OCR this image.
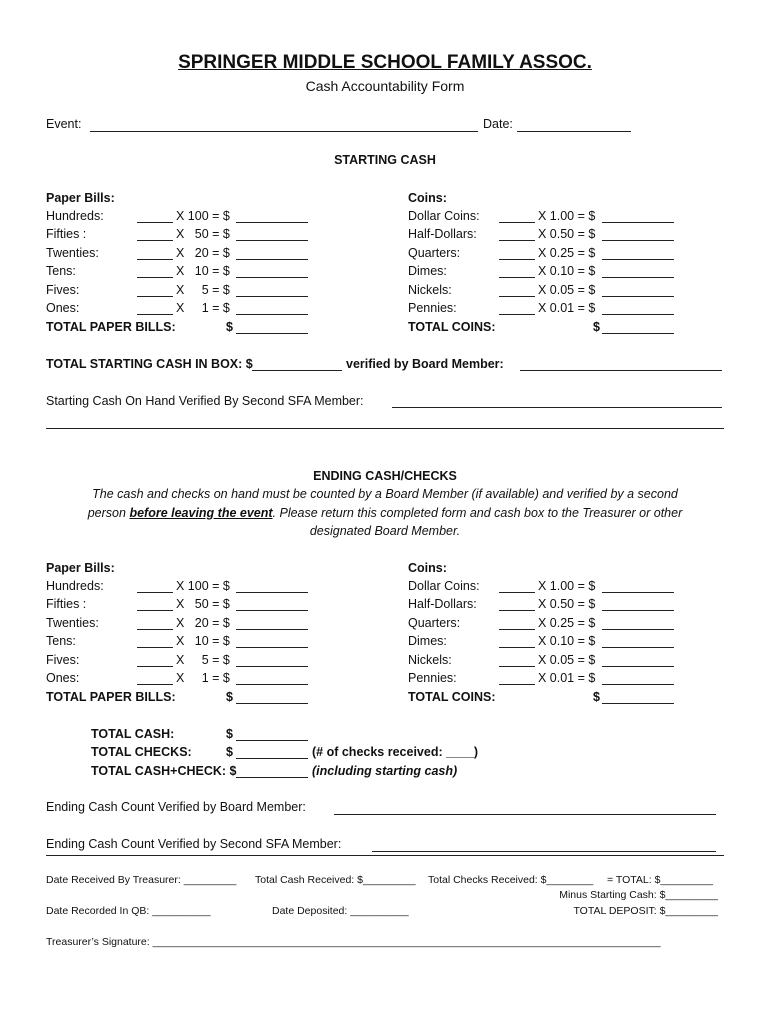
SPRINGER MIDDLE SCHOOL FAMILY ASSOC.
Cash Accountability Form
Event:	Date:
STARTING CASH
Paper Bills:	Coins:
Hundreds:	X 100 = $
Fifties :	X   50 = $
Twenties:	X   20 = $
Tens:	X   10 = $
Fives:	X     5 = $
Ones:	X     1 = $
TOTAL PAPER BILLS:	$
Dollar Coins:	X 1.00 = $
Half-Dollars:	X 0.50 = $
Quarters:	X 0.25 = $
Dimes:	X 0.10 = $
Nickels:	X 0.05 = $
Pennies:	X 0.01 = $
TOTAL COINS:	$
TOTAL STARTING CASH IN BOX: $	verified by Board Member:
Starting Cash On Hand Verified By Second SFA Member:
ENDING CASH/CHECKS
The cash and checks on hand must be counted by a Board Member (if available) and verified by a second
person before leaving the event. Please return this completed form and cash box to the Treasurer or other
designated Board Member.
Paper Bills:	Coins:
Hundreds:	X 100 = $
Fifties :	X   50 = $
Twenties:	X   20 = $
Tens:	X   10 = $
Fives:	X     5 = $
Ones:	X     1 = $
TOTAL PAPER BILLS:	$
Dollar Coins:	X 1.00 = $
Half-Dollars:	X 0.50 = $
Quarters:	X 0.25 = $
Dimes:	X 0.10 = $
Nickels:	X 0.05 = $
Pennies:	X 0.01 = $
TOTAL COINS:	$
TOTAL CASH:	$
TOTAL CHECKS:	$	(# of checks received: ____)
TOTAL CASH+CHECK: $	(including starting cash)
Ending Cash Count Verified by Board Member:
Ending Cash Count Verified by Second SFA Member:
Date Received By Treasurer: _________ Total Cash Received: $_________ Total Checks Received: $________ = TOTAL: $_________
Minus Starting Cash: $_________
Date Recorded In QB: __________	Date Deposited: __________	TOTAL DEPOSIT: $_________
Treasurer’s Signature: _______________________________________________________________________________________
